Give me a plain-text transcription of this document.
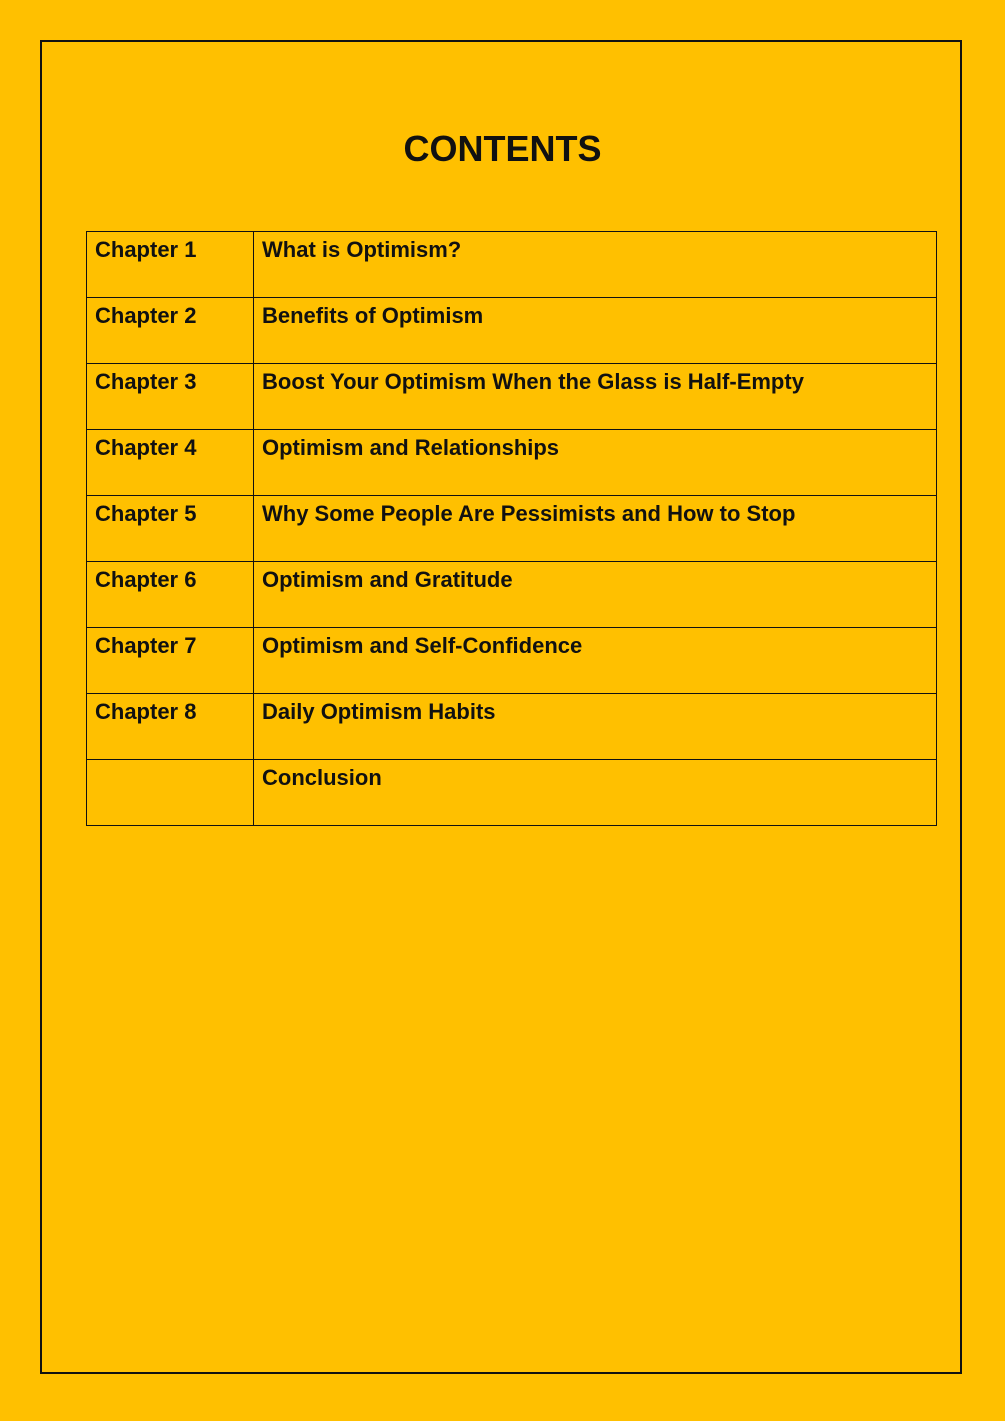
CONTENTS
Chapter 1	What is Optimism?
Chapter 2	Benefits of Optimism
Chapter 3	Boost Your Optimism When the Glass is Half-Empty
Chapter 4	Optimism and Relationships
Chapter 5	Why Some People Are Pessimists and How to Stop
Chapter 6	Optimism and Gratitude
Chapter 7	Optimism and Self-Confidence
Chapter 8	Daily Optimism Habits
	Conclusion
